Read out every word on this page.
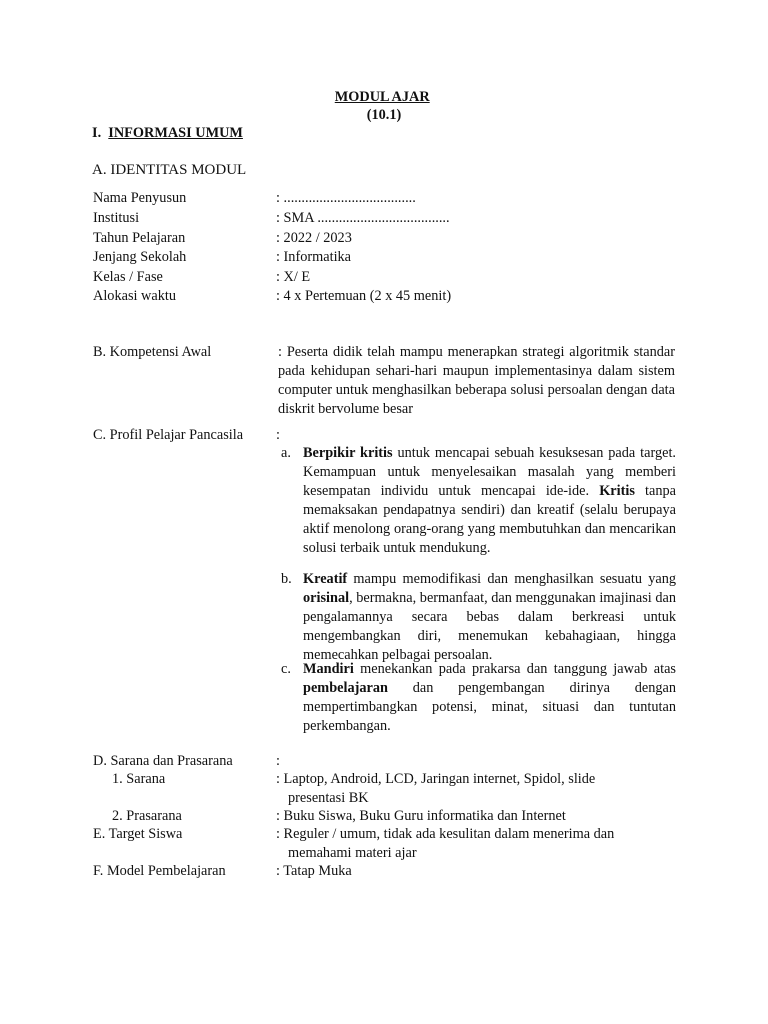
MODUL AJAR
(10.1)
I. INFORMASI UMUM
A. IDENTITAS MODUL
Nama Penyusun	: .....................................
Institusi	: SMA .....................................
Tahun Pelajaran	: 2022 / 2023
Jenjang Sekolah	: Informatika
Kelas / Fase	: X/ E
Alokasi waktu	: 4 x Pertemuan (2 x 45 menit)
B. Kompetensi Awal	: Peserta didik telah mampu menerapkan strategi algoritmik standar pada kehidupan sehari-hari maupun implementasinya dalam sistem computer untuk menghasilkan beberapa solusi persoalan dengan data diskrit bervolume besar
C. Profil Pelajar Pancasila :
a. Berpikir kritis untuk mencapai sebuah kesuksesan pada target. Kemampuan untuk menyelesaikan masalah yang memberi kesempatan individu untuk mencapai ide-ide. Kritis tanpa memaksakan pendapatnya sendiri) dan kreatif (selalu berupaya aktif menolong orang-orang yang membutuhkan dan mencarikan solusi terbaik untuk mendukung.
b. Kreatif mampu memodifikasi dan menghasilkan sesuatu yang orisinal, bermakna, bermanfaat, dan menggunakan imajinasi dan pengalamannya secara bebas dalam berkreasi untuk mengembangkan diri, menemukan kebahagiaan, hingga memecahkan pelbagai persoalan.
c. Mandiri menekankan pada prakarsa dan tanggung jawab atas pembelajaran dan pengembangan dirinya dengan mempertimbangkan potensi, minat, situasi dan tuntutan perkembangan.
D. Sarana dan Prasarana	:
1. Sarana	: Laptop, Android, LCD, Jaringan internet, Spidol, slide
presentasi BK
2. Prasarana	: Buku Siswa, Buku Guru informatika dan Internet
E. Target Siswa	: Reguler / umum, tidak ada kesulitan dalam menerima dan
memahami materi ajar
F. Model Pembelajaran	: Tatap Muka
